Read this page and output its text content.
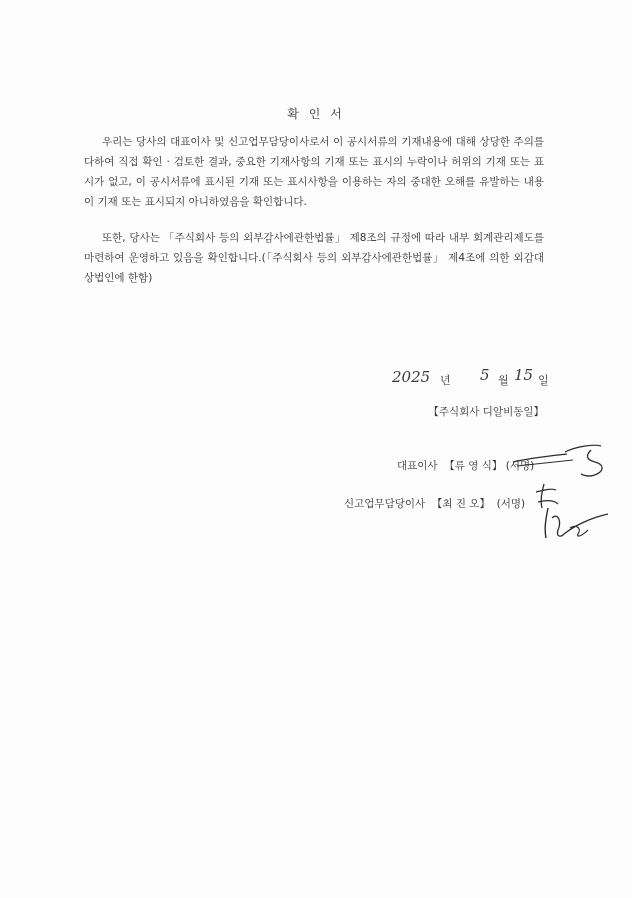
확 인 서
우리는 당사의 대표이사 및 신고업무담당이사로서 이 공시서류의 기재내용에 대해 상당한 주의를 다하여 직접 확인 · 검토한 결과, 중요한 기재사항의 기재 또는 표시의 누락이나 허위의 기재 또는 표시가 없고, 이 공시서류에 표시된 기재 또는 표시사항을 이용하는 자의 중대한 오해를 유발하는 내용이 기재 또는 표시되지 아니하였음을 확인합니다.
또한, 당사는 「주식회사 등의 외부감사에관한법률」 제8조의 규정에 따라 내부 회계관리제도를 마련하여 운영하고 있음을 확인합니다.(「주식회사 등의 외부감사에관한법률」 제4조에 의한 외감대상법인에 한함)
2025 년 5 월 15 일
【주식회사 디알비동일】
대표이사 【류 영 식】 (서명)
신고업무담당이사 【최 진 오】 (서명)
